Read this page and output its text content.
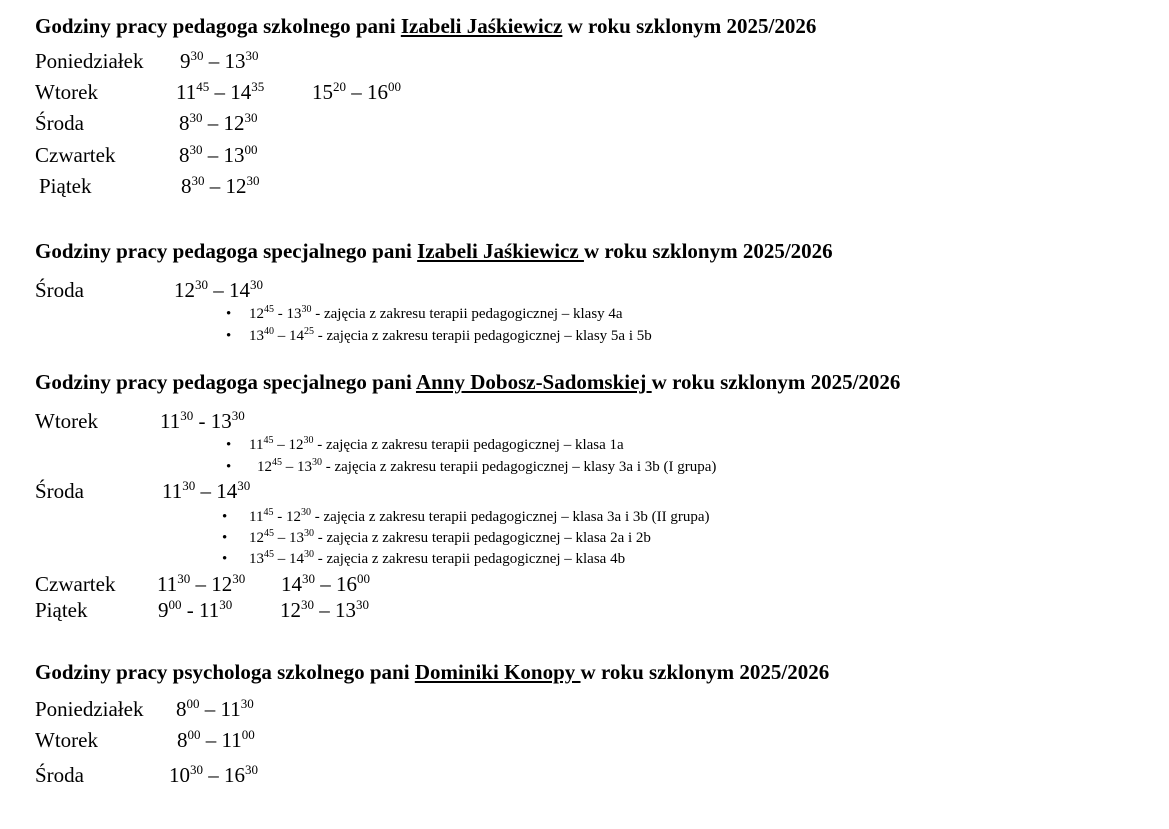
Godziny pracy pedagoga szkolnego pani Izabeli Jaśkiewicz w roku szklonym 2025/2026
Poniedziałek $9^{30} - 13^{30}$
Wtorek	$11^{45} - 14^{35}$ $15^{20} - 16^{00}$
Środa	$8^{30} - 12^{30}$
Czwartek	$8^{30} - 13^{00}$
Piątek	$8^{30} - 12^{30}$
Godziny pracy pedagoga specjalnego pani Izabeli Jaśkiewicz w roku szklonym 2025/2026
Środa	$12^{30} - 14^{30}$
• $12^{45} - 13^{30}$ - zajęcia z zakresu terapii pedagogicznej – klasy 4a
• $13^{40} - 14^{25}$ - zajęcia z zakresu terapii pedagogicznej – klasy 5a i 5b
Godziny pracy pedagoga specjalnego pani Anny Dobosz-Sadomskiej w roku szklonym 2025/2026
Wtorek	$11^{30} - 13^{30}$
• $11^{45} - 12^{30}$ - zajęcia z zakresu terapii pedagogicznej – klasa 1a
• $12^{45} - 13^{30}$ - zajęcia z zakresu terapii pedagogicznej – klasy 3a i 3b (I grupa)
Środa	$11^{30} - 14^{30}$
• $11^{45} - 12^{30}$ - zajęcia z zakresu terapii pedagogicznej – klasa 3a i 3b (II grupa)
• $12^{45} - 13^{30}$ - zajęcia z zakresu terapii pedagogicznej – klasa 2a i 2b
• $13^{45} - 14^{30}$ - zajęcia z zakresu terapii pedagogicznej – klasa 4b
Czwartek $11^{30} - 12^{30}$ $14^{30} - 16^{00}$
Piątek	$9^{00} - 11^{30}$ $12^{30} - 13^{30}$
Godziny pracy psychologa szkolnego pani Dominiki Konopy w roku szklonym 2025/2026
Poniedziałek $8^{00} - 11^{30}$
Wtorek	$8^{00} - 11^{00}$
Środa	$10^{30} - 16^{30}$
